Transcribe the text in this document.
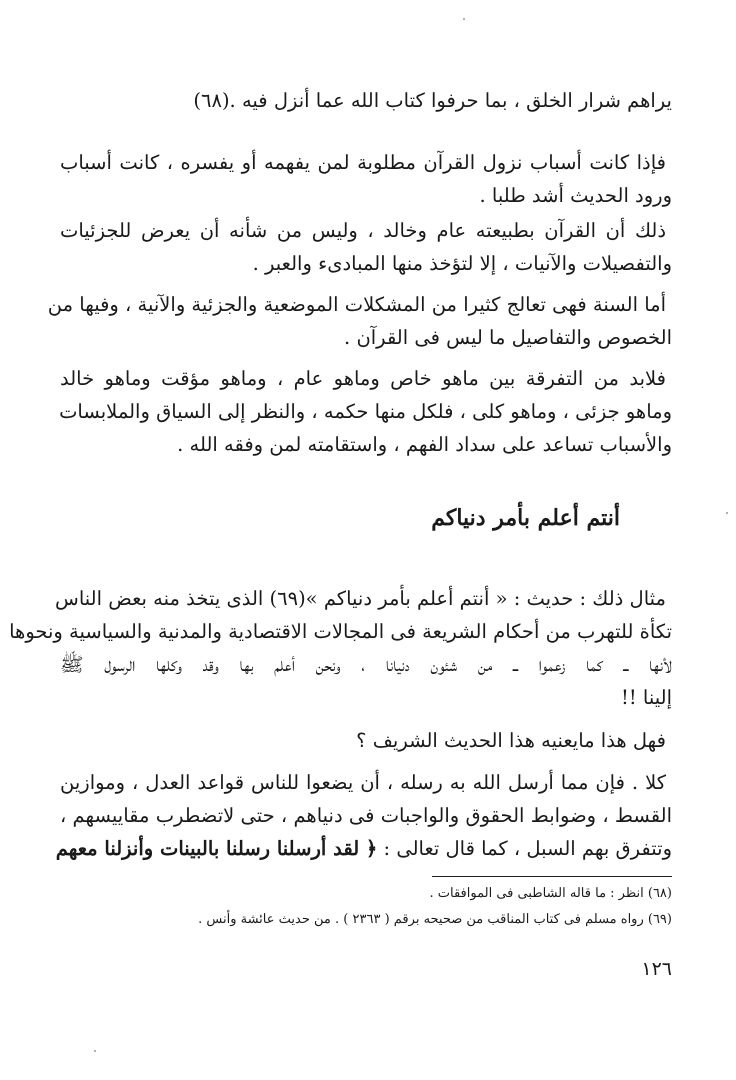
يراهم شرار الخلق ، بما حرفوا كتاب الله عما أنزل فيه .(٦٨)

فإذا كانت أسباب نزول القرآن مطلوبة لمن يفهمه أو يفسره ، كانت أسباب
ورود الحديث أشد طلبا .

ذلك أن القرآن بطبيعته عام وخالد ، وليس من شأنه أن يعرض للجزئيات
والتفصيلات والآنيات ، إلا لتؤخذ منها المبادىء والعبر .

أما السنة فهى تعالج كثيرا من المشكلات الموضعية والجزئية والآنية ، وفيها من
الخصوص والتفاصيل ما ليس فى القرآن .

فلابد من التفرقة بين ماهو خاص وماهو عام ، وماهو مؤقت وماهو خالد
وماهو جزئى ، وماهو كلى ، فلكل منها حكمه ، والنظر إلى السياق والملابسات
والأسباب تساعد على سداد الفهم ، واستقامته لمن وفقه الله .

أنتم أعلم بأمر دنياكم

مثال ذلك : حديث : « أنتم أعلم بأمر دنياكم »(٦٩) الذى يتخذ منه بعض الناس
تكأة للتهرب من أحكام الشريعة فى المجالات الاقتصادية والمدنية والسياسية ونحوها
لأنها ــ كما زعموا ــ من شئون دنيانا ، ونحن أعلم بها وقد وكلها الرسول ﷺ
إلينا !!

فهل هذا مايعنيه هذا الحديث الشريف ؟

كلا . فإن مما أرسل الله به رسله ، أن يضعوا للناس قواعد العدل ، وموازين
القسط ، وضوابط الحقوق والواجبات فى دنياهم ، حتى لاتضطرب مقاييسهم ،
وتتفرق بهم السبل ، كما قال تعالى : ﴿ لقد أرسلنا رسلنا بالبينات وأنزلنا معهم

(٦٨) انظر : ما قاله الشاطبى فى الموافقات .

(٦٩) رواه مسلم فى كتاب المناقب من صحيحه برقم ( ٢٣٦٣ ) . من حديث عائشة وأنس .

١٢٦
